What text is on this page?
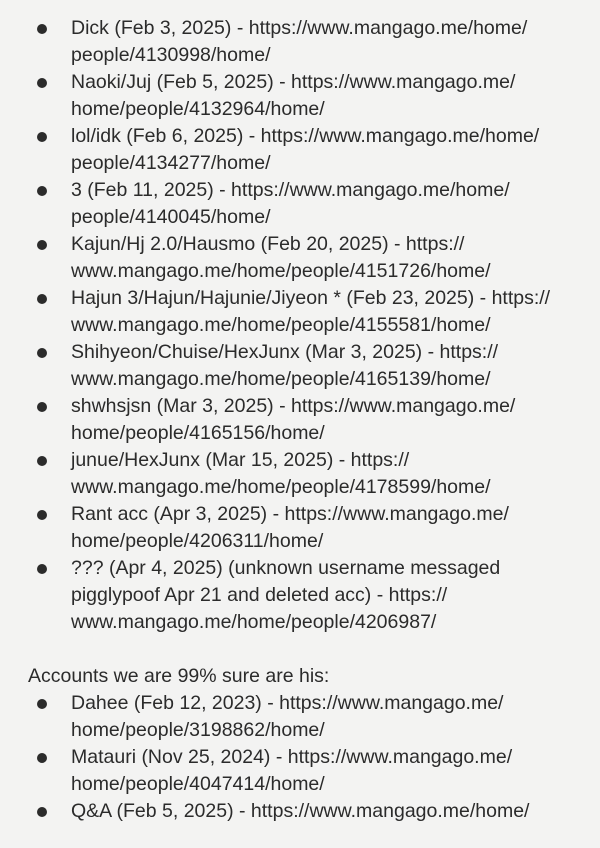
Dick (Feb 3, 2025) - https://www.mangago.me/home/
people/4130998/home/
Naoki/Juj (Feb 5, 2025) - https://www.mangago.me/
home/people/4132964/home/
lol/idk (Feb 6, 2025) - https://www.mangago.me/home/
people/4134277/home/
3 (Feb 11, 2025) - https://www.mangago.me/home/
people/4140045/home/
Kajun/Hj 2.0/Hausmo (Feb 20, 2025) - https://
www.mangago.me/home/people/4151726/home/
Hajun 3/Hajun/Hajunie/Jiyeon * (Feb 23, 2025) - https://
www.mangago.me/home/people/4155581/home/
Shihyeon/Chuise/HexJunx (Mar 3, 2025) - https://
www.mangago.me/home/people/4165139/home/
shwhsjsn (Mar 3, 2025) - https://www.mangago.me/
home/people/4165156/home/
junue/HexJunx (Mar 15, 2025) - https://
www.mangago.me/home/people/4178599/home/
Rant acc (Apr 3, 2025) - https://www.mangago.me/
home/people/4206311/home/
??? (Apr 4, 2025) (unknown username messaged
pigglypoof Apr 21 and deleted acc) - https://
www.mangago.me/home/people/4206987/
Accounts we are 99% sure are his:
Dahee (Feb 12, 2023) - https://www.mangago.me/
home/people/3198862/home/
Matauri (Nov 25, 2024) - https://www.mangago.me/
home/people/4047414/home/
Q&A (Feb 5, 2025) - https://www.mangago.me/home/
